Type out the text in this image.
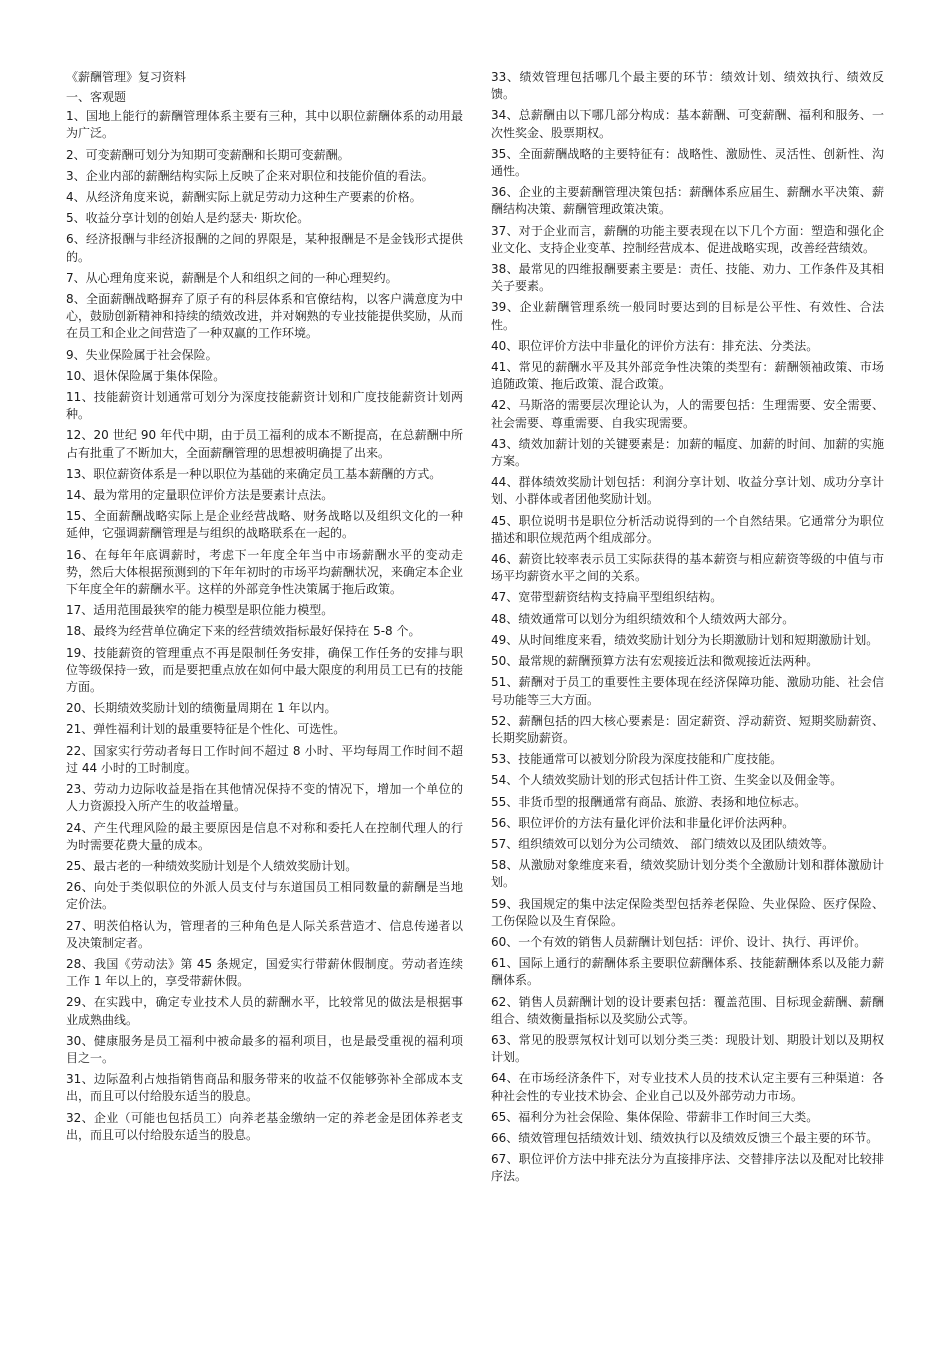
《薪酬管理》复习资料
一、客观题
1、国地上能行的薪酬管理体系主要有三种，其中以职位薪酬体系的动用最为广泛。
2、可变薪酬可划分为知期可变薪酬和长期可变薪酬。
3、企业内部的薪酬结构实际上反映了企来对职位和技能价值的看法。
4、从经济角度来说，薪酬实际上就足劳动力这种生产要素的价格。
5、收益分享计划的创始人是约瑟夫· 斯坎伦。
6、经济报酬与非经济报酬的之间的界限是，某种报酬是不是金钱形式提供的。
7、从心理角度来说，薪酬是个人和组织之间的一种心理契约。
8、全面薪酬战略摒弃了原子有的科层体系和官僚结构，以客户满意度为中心，鼓励创新精神和持续的绩效改进，并对娴熟的专业技能提供奖励，从而在员工和企业之间营造了一种双赢的工作环境。
9、失业保险属于社会保险。
10、退休保险属于集体保险。
11、技能薪资计划通常可划分为深度技能薪资计划和广度技能薪资计划两种。
12、20 世纪 90 年代中期，由于员工福利的成本不断提高，在总薪酬中所占有批重了不断加大，全面薪酬管理的思想被明确提了出来。
13、职位薪资体系是一种以职位为基础的来确定员工基本薪酬的方式。
14、最为常用的定量职位评价方法是要素计点法。
15、全面薪酬战略实际上是企业经营战略、财务战略以及组织文化的一种延伸，它强调薪酬管理是与组织的战略联系在一起的。
16、在每年年底调薪时，考虑下一年度全年当中市场薪酬水平的变动走势，然后大体根据预测到的下年年初时的市场平均薪酬状况，来确定本企业下年度全年的薪酬水平。这样的外部竞争性决策属于拖后政策。
17、适用范围最狭窄的能力模型是职位能力模型。
18、最终为经营单位确定下来的经营绩效指标最好保持在 5-8 个。
19、技能薪资的管理重点不再是限制任务安排，确保工作任务的安排与职位等级保持一致，而是要把重点放在如何中最大限度的利用员工已有的技能方面。
20、长期绩效奖励计划的绩衡量周期在 1 年以内。
21、弹性福利计划的最重要特征是个性化、可选性。
22、国家实行劳动者每日工作时间不超过 8 小时、平均每周工作时间不超过 44 小时的工时制度。
23、劳动力边际收益是指在其他情况保持不变的情况下，增加一个单位的人力资源投入所产生的收益增量。
24、产生代理风险的最主要原因是信息不对称和委托人在控制代理人的行为时需要花费大量的成本。
25、最古老的一种绩效奖励计划是个人绩效奖励计划。
26、向处于类似职位的外派人员支付与东道国员工相同数量的薪酬是当地定价法。
27、明茨伯格认为，管理者的三种角色是人际关系营造才、信息传递者以及决策制定者。
28、我国《劳动法》第 45 条规定，国爱实行带薪休假制度。劳动者连续工作 1 年以上的，享受带薪休假。
29、在实践中，确定专业技术人员的薪酬水平，比较常见的做法是根据事业成熟曲线。
30、健康服务是员工福利中被命最多的福利项目，也是最受重视的福利项目之一。
31、边际盈利占烛指销售商品和服务带来的收益不仅能够弥补全部成本支出，而且可以付给股东适当的股息。
32、企业（可能也包括员工）向养老基金缴纳一定的养老金是团体养老支出，而且可以付给股东适当的股息。
33、绩效管理包括哪几个最主要的环节：绩效计划、绩效执行、绩效反馈。
34、总薪酬由以下哪几部分构成：基本薪酬、可变薪酬、福利和服务、一次性奖金、股票期权。
35、全面薪酬战略的主要特征有：战略性、激励性、灵活性、创新性、沟通性。
36、企业的主要薪酬管理决策包括：薪酬体系应届生、薪酬水平决策、薪酬结构决策、薪酬管理政策决策。
37、对于企业而言，薪酬的功能主要表现在以下几个方面：塑造和强化企业文化、支持企业变革、控制经营成本、促进战略实现，改善经营绩效。
38、最常见的四维报酬要素主要是：责任、技能、劝力、工作条件及其相关子要素。
39、企业薪酬管理系统一般同时要达到的目标是公平性、有效性、合法性。
40、职位评价方法中非量化的评价方法有：排充法、分类法。
41、常见的薪酬水平及其外部竞争性决策的类型有：薪酬领袖政策、市场追随政策、拖后政策、混合政策。
42、马斯洛的需要层次理论认为，人的需要包括：生理需要、安全需要、社会需要、尊重需要、自我实现需要。
43、绩效加薪计划的关键要素是：加薪的幅度、加薪的时间、加薪的实施方案。
44、群体绩效奖励计划包括：利润分享计划、收益分享计划、成功分享计划、小群体或者团他奖励计划。
45、职位说明书是职位分析活动说得到的一个自然结果。它通常分为职位描述和职位规范两个组成部分。
46、薪资比较率表示员工实际获得的基本薪资与相应薪资等级的中值与市场平均薪资水平之间的关系。
47、宽带型薪资结构支持扁平型组织结构。
48、绩效通常可以划分为组织绩效和个人绩效两大部分。
49、从时间维度来看，绩效奖励计划分为长期激励计划和短期激励计划。
50、最常规的薪酬预算方法有宏观接近法和微观接近法两种。
51、薪酬对于员工的重要性主要体现在经济保障功能、激励功能、社会信号功能等三大方面。
52、薪酬包括的四大核心要素是：固定薪资、浮动薪资、短期奖励薪资、长期奖励薪资。
53、技能通常可以被划分阶段为深度技能和广度技能。
54、个人绩效奖励计划的形式包括计件工资、生奖金以及佣金等。
55、非货币型的报酬通常有商品、旅游、表扬和地位标志。
56、职位评价的方法有量化评价法和非量化评价法两种。
57、组织绩效可以划分为公司绩效、 部门绩效以及团队绩效等。
58、从激励对象维度来看，绩效奖励计划分类个全激励计划和群体激励计划。
59、我国规定的集中法定保险类型包括养老保险、失业保险、医疗保险、工伤保险以及生育保险。
60、一个有效的销售人员薪酬计划包括：评价、设计、执行、再评价。
61、国际上通行的薪酬体系主要职位薪酬体系、技能薪酬体系以及能力薪酬体系。
62、销售人员薪酬计划的设计要素包括：覆盖范围、目标现金薪酬、薪酬组合、绩效衡量指标以及奖励公式等。
63、常见的股票氖权计划可以划分类三类：现股计划、期股计划以及期权计划。
64、在市场经济条件下，对专业技术人员的技术认定主要有三种渠道：各种社会性的专业技术协会、企业自己以及外部劳动力市场。
65、福利分为社会保险、集体保险、带薪非工作时间三大类。
66、绩效管理包括绩效计划、绩效执行以及绩效反馈三个最主要的环节。
67、职位评价方法中排充法分为直接排序法、交替排序法以及配对比较排序法。
